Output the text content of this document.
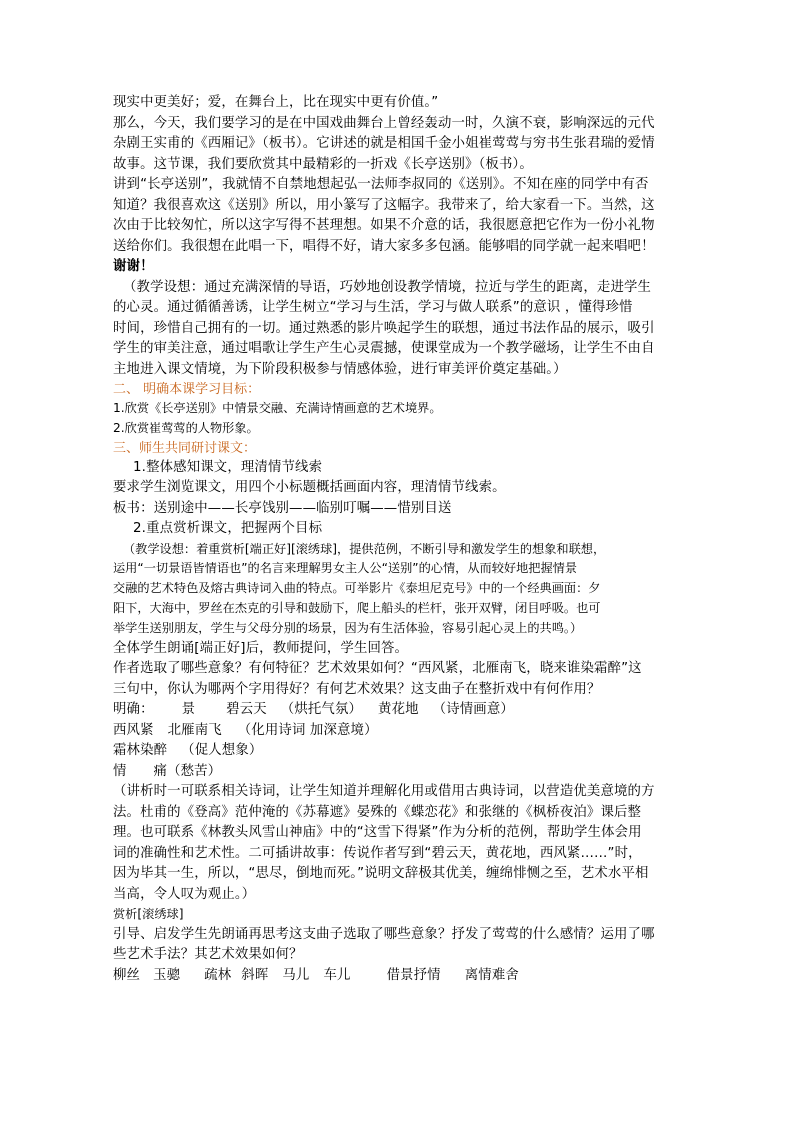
现实中更美好；爱，在舞台上，比在现实中更有价值。”

那么，今天，我们要学习的是在中国戏曲舞台上曾经轰动一时，久演不衰，影响深远的元代

杂剧王实甫的《西厢记》（板书）。它讲述的就是相国千金小姐崔莺莺与穷书生张君瑞的爱情

故事。这节课，我们要欣赏其中最精彩的一折戏《长亭送别》（板书）。

讲到“长亭送别”，我就情不自禁地想起弘一法师李叔同的《送别》。不知在座的同学中有否

知道？我很喜欢这《送别》所以，用小篆写了这幅字。我带来了，给大家看一下。当然，这

次由于比较匆忙，所以这字写得不甚理想。如果不介意的话，我很愿意把它作为一份小礼物

送给你们。我很想在此唱一下，唱得不好，请大家多多包涵。能够唱的同学就一起来唱吧！

谢谢！

（教学设想：通过充满深情的导语，巧妙地创设教学情境，拉近与学生的距离，走进学生

的心灵。通过循循善诱，让学生树立“学习与生活，学习与做人联系”的意识 ，懂得珍惜

时间，珍惜自己拥有的一切。通过熟悉的影片唤起学生的联想，通过书法作品的展示，吸引

学生的审美注意，通过唱歌让学生产生心灵震撼，使课堂成为一个教学磁场，让学生不由自

主地进入课文情境，为下阶段积极参与情感体验，进行审美评价奠定基础。）

二、 明确本课学习目标：

1.欣赏《长亭送别》中情景交融、充满诗情画意的艺术境界。

2.欣赏崔莺莺的人物形象。

三、师生共同研讨课文：

1.整体感知课文，理清情节线索

要求学生浏览课文，用四个小标题概括画面内容，理清情节线索。

板书：送别途中——长亭饯别——临别叮嘱——惜别目送

2.重点赏析课文，把握两个目标

（教学设想：着重赏析[端正好][滚绣球]，提供范例，不断引导和激发学生的想象和联想，

运用“一切景语皆情语也”的名言来理解男女主人公“送别”的心情，从而较好地把握情景

交融的艺术特色及熔古典诗词入曲的特点。可举影片《泰坦尼克号》中的一个经典画面：夕

阳下，大海中，罗丝在杰克的引导和鼓励下，爬上船头的栏杆，张开双臂，闭目呼吸。也可

举学生送别朋友，学生与父母分别的场景，因为有生活体验，容易引起心灵上的共鸣。）

全体学生朗诵[端正好]后，教师提问，学生回答。

作者选取了哪些意象？有何特征？艺术效果如何？“西风紧，北雁南飞，晓来谁染霜醉”这

三句中，你认为哪两个字用得好？有何艺术效果？这支曲子在整折戏中有何作用？

明确： 景 碧云天 （烘托气氛） 黄花地 （诗情画意）

西风紧 北雁南飞 （化用诗词 加深意境）

霜林染醉 （促人想象）

情 痛（愁苦）

（讲析时一可联系相关诗词，让学生知道并理解化用或借用古典诗词，以营造优美意境的方

法。杜甫的《登高》范仲淹的《苏幕遮》晏殊的《蝶恋花》和张继的《枫桥夜泊》课后整

理。也可联系《林教头风雪山神庙》中的“这雪下得紧”作为分析的范例，帮助学生体会用

词的准确性和艺术性。二可插讲故事：传说作者写到“碧云天，黄花地，西风紧……”时，

因为毕其一生，所以，“思尽，倒地而死。”说明文辞极其优美，缠绵悱恻之至，艺术水平相

当高，令人叹为观止。）

赏析[滚绣球]

引导、启发学生先朗诵再思考这支曲子选取了哪些意象？抒发了莺莺的什么感情？运用了哪

些艺术手法？其艺术效果如何？

柳丝 玉骢 疏林 斜晖 马儿 车儿	借景抒情 离情难舍
